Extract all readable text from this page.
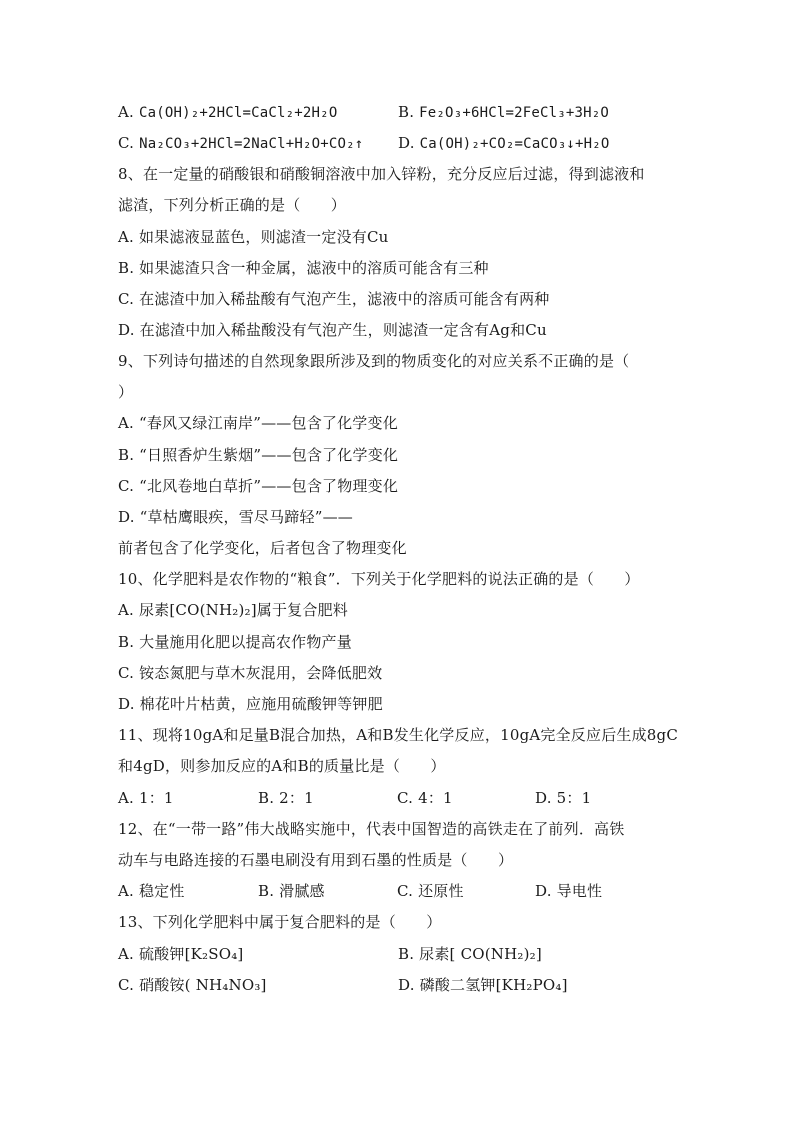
A. Ca(OH)₂+2HCl=CaCl₂+2H₂O	B. Fe₂O₃+6HCl=2FeCl₃+3H₂O
C. Na₂CO₃+2HCl=2NaCl+H₂O+CO₂↑ D. Ca(OH)₂+CO₂=CaCO₃↓+H₂O
8、在一定量的硝酸银和硝酸铜溶液中加入锌粉，充分反应后过滤，得到滤液和
滤渣，下列分析正确的是（　　）
A. 如果滤液显蓝色，则滤渣一定没有Cu
B. 如果滤渣只含一种金属，滤液中的溶质可能含有三种
C. 在滤渣中加入稀盐酸有气泡产生，滤液中的溶质可能含有两种
D. 在滤渣中加入稀盐酸没有气泡产生，则滤渣一定含有Ag和Cu
9、下列诗句描述的自然现象跟所涉及到的物质变化的对应关系不正确的是（
）
A. “春风又绿江南岸”——包含了化学变化
B. “日照香炉生紫烟”——包含了化学变化
C. “北风卷地白草折”——包含了物理变化
D. “草枯鹰眼疾，雪尽马蹄轻”——
前者包含了化学变化，后者包含了物理变化
10、化学肥料是农作物的“粮食”．下列关于化学肥料的说法正确的是（　　）
A. 尿素[CO(NH₂)₂]属于复合肥料
B. 大量施用化肥以提高农作物产量
C. 铵态氮肥与草木灰混用，会降低肥效
D. 棉花叶片枯黄，应施用硫酸钾等钾肥
11、现将10gA和足量B混合加热，A和B发生化学反应，10gA完全反应后生成8gC
和4gD，则参加反应的A和B的质量比是（　　）
A. 1：1	B. 2：1	C. 4：1	D. 5：1
12、在“一带一路”伟大战略实施中，代表中国智造的高铁走在了前列．高铁
动车与电路连接的石墨电刷没有用到石墨的性质是（　　）
A. 稳定性	B. 滑腻感	C. 还原性	D. 导电性
13、下列化学肥料中属于复合肥料的是（　　）
A. 硫酸钾[K₂SO₄]	B. 尿素[ CO(NH₂)₂]
C. 硝酸铵( NH₄NO₃]	D. 磷酸二氢钾[KH₂PO₄]
